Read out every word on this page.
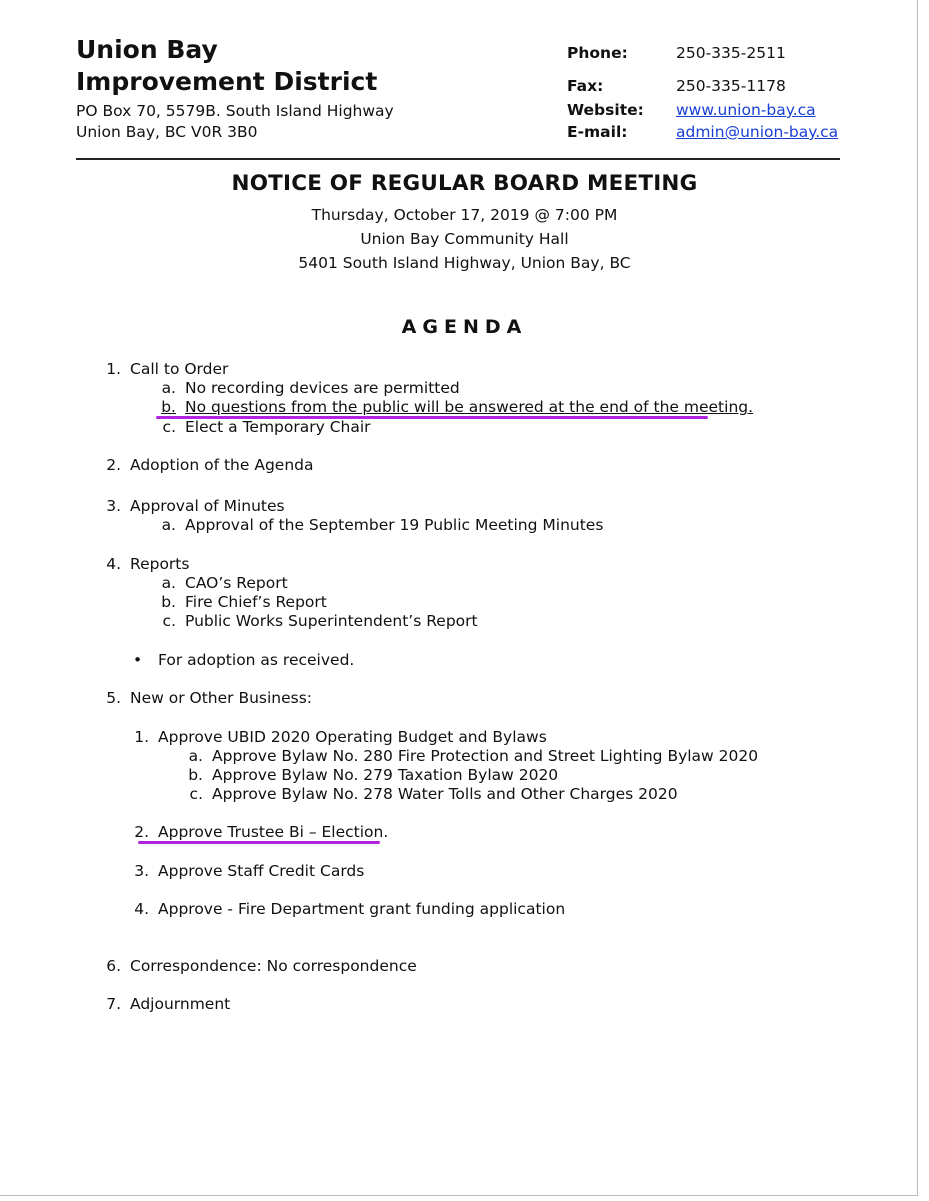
Union Bay
Improvement District
PO Box 70, 5579B. South Island Highway
Union Bay, BC V0R 3B0
Phone:	250-335-2511
Fax:	250-335-1178
Website: www.union-bay.ca
E-mail:	admin@union-bay.ca
NOTICE OF REGULAR BOARD MEETING
Thursday, October 17, 2019 @ 7:00 PM
Union Bay Community Hall
5401 South Island Highway, Union Bay, BC
AGENDA
1. Call to Order
a. No recording devices are permitted
b. No questions from the public will be answered at the end of the meeting.
c. Elect a Temporary Chair
2. Adoption of the Agenda
3. Approval of Minutes
a. Approval of the September 19 Public Meeting Minutes
4. Reports
a. CAO’s Report
b. Fire Chief’s Report
c. Public Works Superintendent’s Report
• For adoption as received.
5. New or Other Business:
1. Approve UBID 2020 Operating Budget and Bylaws
a. Approve Bylaw No. 280 Fire Protection and Street Lighting Bylaw 2020
b. Approve Bylaw No. 279 Taxation Bylaw 2020
c. Approve Bylaw No. 278 Water Tolls and Other Charges 2020
2. Approve Trustee Bi – Election.
3. Approve Staff Credit Cards
4. Approve - Fire Department grant funding application
6. Correspondence: No correspondence
7. Adjournment
